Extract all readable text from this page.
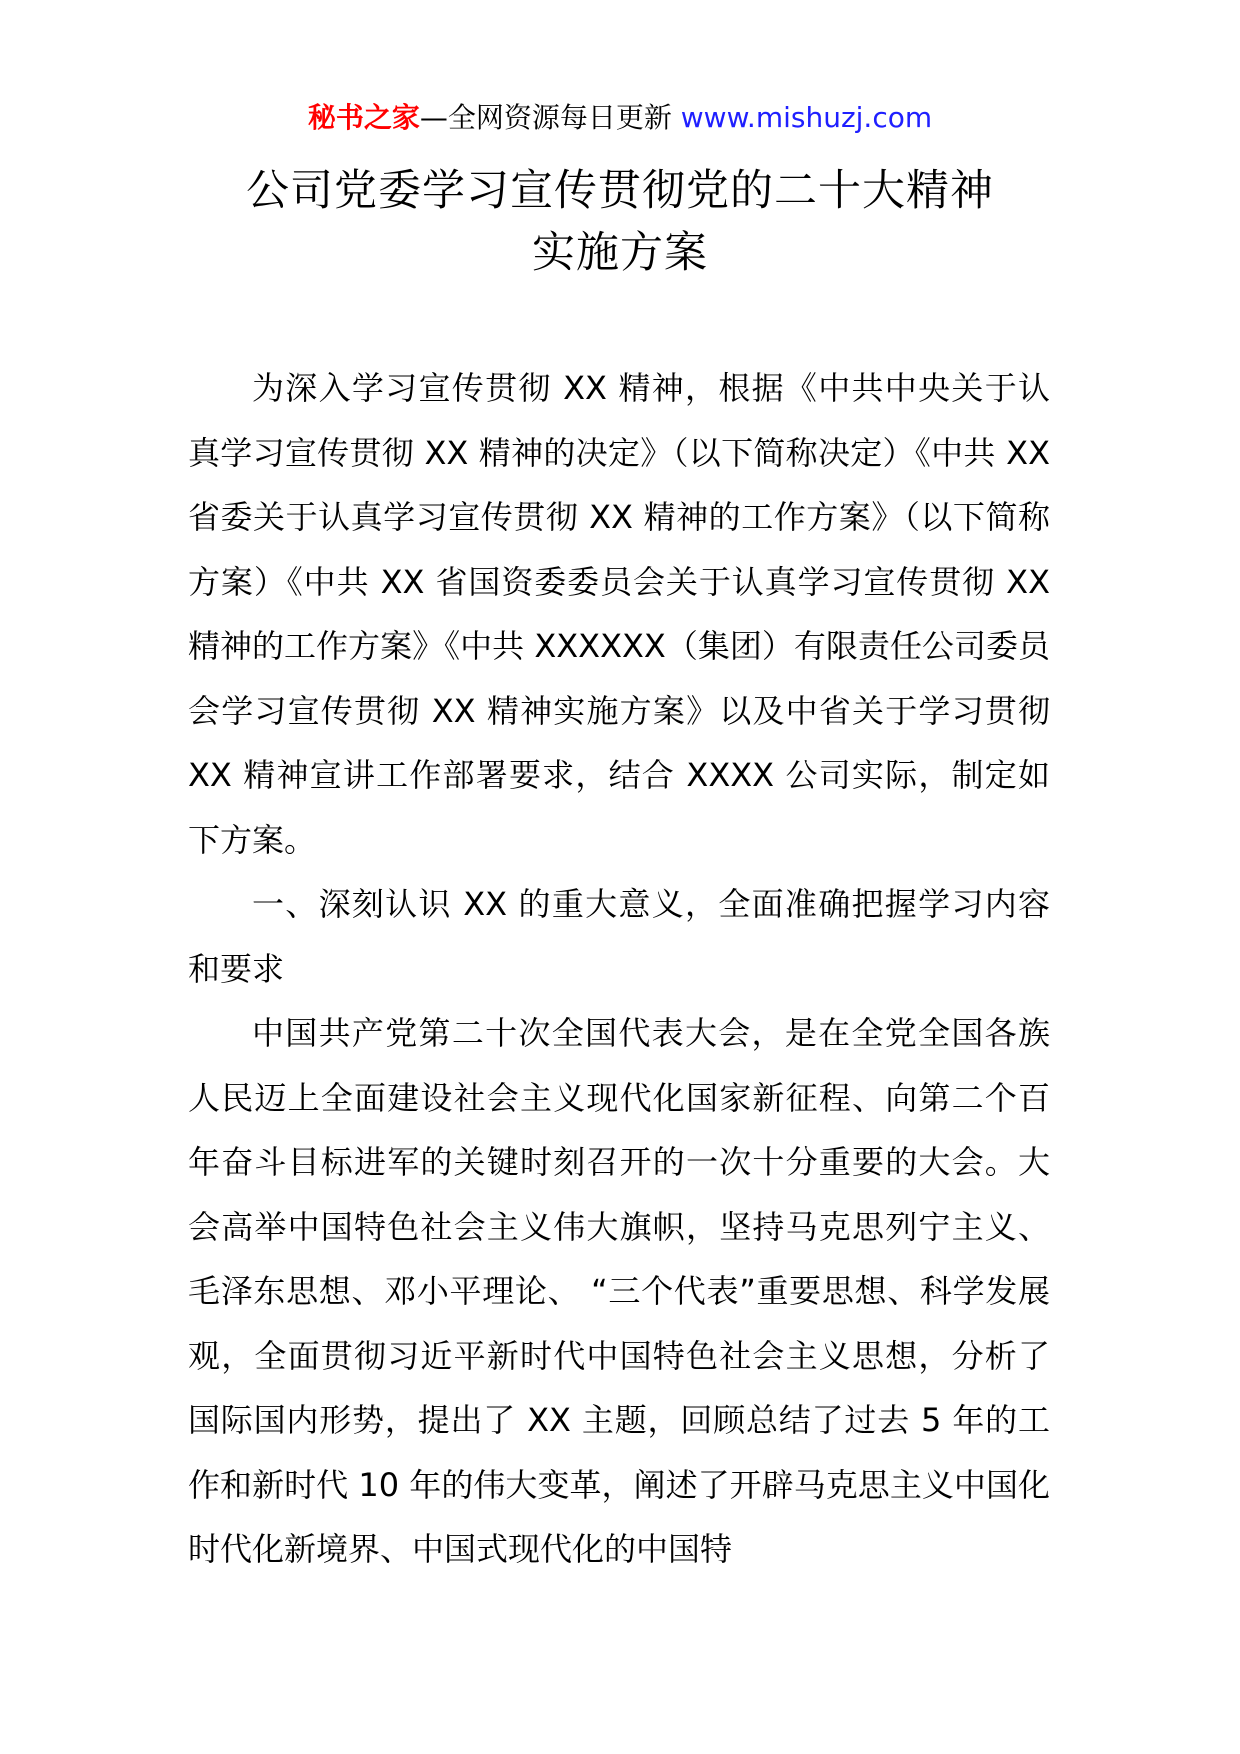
秘书之家—全网资源每日更新 www.mishuzj.com
公司党委学习宣传贯彻党的二十大精神
实施方案

为深入学习宣传贯彻 XX 精神，根据《中共中央关于认真学习宣传贯彻 XX 精神的决定》（以下简称决定）《中共 XX 省委关于认真学习宣传贯彻 XX 精神的工作方案》（以下简称方案）《中共 XX 省国资委委员会关于认真学习宣传贯彻 XX 精神的工作方案》《中共 XXXXXX（集团）有限责任公司委员会学习宣传贯彻 XX 精神实施方案》以及中省关于学习贯彻 XX 精神宣讲工作部署要求，结合 XXXX 公司实际，制定如下方案。

一、深刻认识 XX 的重大意义，全面准确把握学习内容和要求

中国共产党第二十次全国代表大会，是在全党全国各族人民迈上全面建设社会主义现代化国家新征程、向第二个百年奋斗目标进军的关键时刻召开的一次十分重要的大会。大会高举中国特色社会主义伟大旗帜，坚持马克思列宁主义、毛泽东思想、邓小平理论、 “三个代表”重要思想、科学发展观，全面贯彻习近平新时代中国特色社会主义思想，分析了国际国内形势，提出了 XX 主题，回顾总结了过去 5 年的工作和新时代 10 年的伟大变革，阐述了开辟马克思主义中国化时代化新境界、中国式现代化的中国特
